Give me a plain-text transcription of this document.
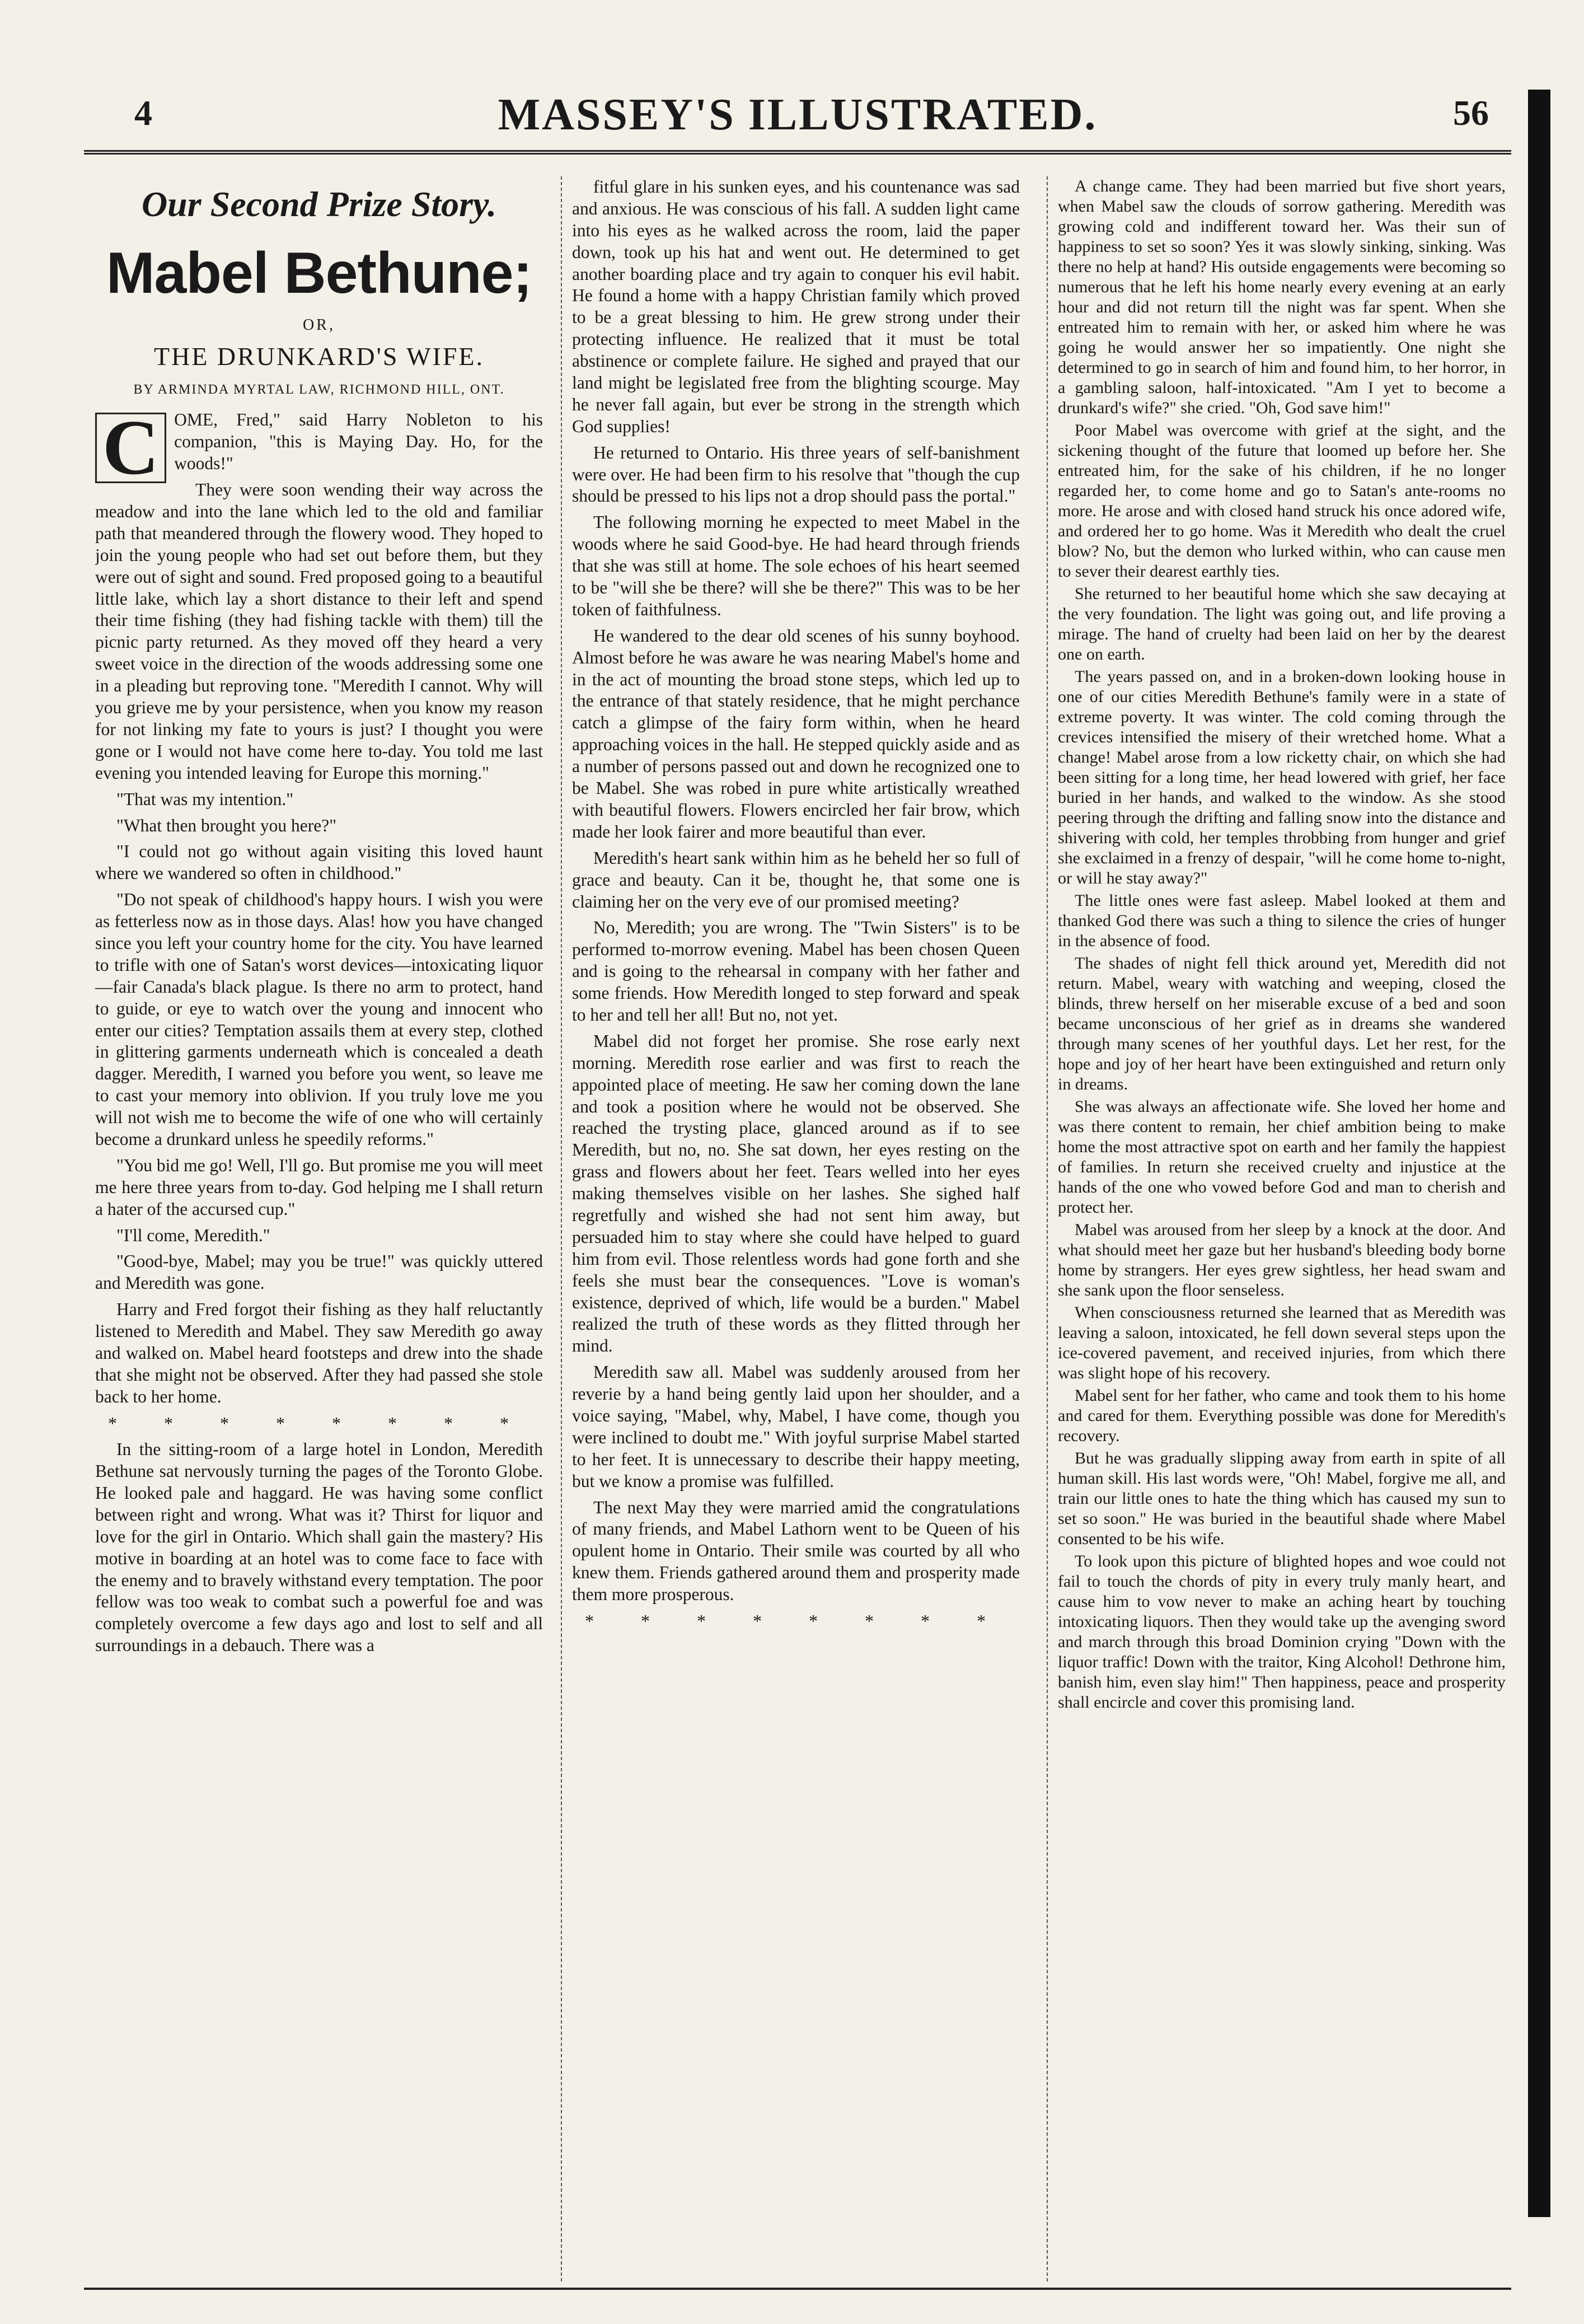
4	MASSEY'S ILLUSTRATED.	56
Our Second Prize Story.
Mabel Bethune;
OR,
THE DRUNKARD'S WIFE.
BY ARMINDA MYRTAL LAW, RICHMOND HILL, ONT.

C OME, Fred," said Harry Nobleton to his companion, "this is Maying Day. Ho, for the woods!"

They were soon wending their way across the meadow and into the lane which led to the old and familiar path that meandered through the flowery wood. They hoped to join the young people who had set out before them, but they were out of sight and sound. Fred proposed going to a beautiful little lake, which lay a short distance to their left and spend their time fishing (they had fishing tackle with them) till the picnic party returned. As they moved off they heard a very sweet voice in the direction of the woods addressing some one in a pleading but reproving tone. "Meredith I cannot. Why will you grieve me by your persistence, when you know my reason for not linking my fate to yours is just? I thought you were gone or I would not have come here to-day. You told me last evening you intended leaving for Europe this morning."

"That was my intention."

"What then brought you here?"

"I could not go without again visiting this loved haunt where we wandered so often in childhood."

"Do not speak of childhood's happy hours. I wish you were as fetterless now as in those days. Alas! how you have changed since you left your country home for the city. You have learned to trifle with one of Satan's worst devices—intoxicating liquor—fair Canada's black plague. Is there no arm to protect, hand to guide, or eye to watch over the young and innocent who enter our cities? Temptation assails them at every step, clothed in glittering garments underneath which is concealed a death dagger. Meredith, I warned you before you went, so leave me to cast your memory into oblivion. If you truly love me you will not wish me to become the wife of one who will certainly become a drunkard unless he speedily reforms."

"You bid me go! Well, I'll go. But promise me you will meet me here three years from to-day. God helping me I shall return a hater of the accursed cup."

"I'll come, Meredith."

"Good-bye, Mabel; may you be true!" was quickly uttered and Meredith was gone.

Harry and Fred forgot their fishing as they half reluctantly listened to Meredith and Mabel. They saw Meredith go away and walked on. Mabel heard footsteps and drew into the shade that she might not be observed. After they had passed she stole back to her home.

* * * * * * * *

In the sitting-room of a large hotel in London, Meredith Bethune sat nervously turning the pages of the Toronto Globe. He looked pale and haggard. He was having some conflict between right and wrong. What was it? Thirst for liquor and love for the girl in Ontario. Which shall gain the mastery? His motive in boarding at an hotel was to come face to face with the enemy and to bravely withstand every temptation. The poor fellow was too weak to combat such a powerful foe and was completely overcome a few days ago and lost to self and all surroundings in a debauch. There was a

fitful glare in his sunken eyes, and his countenance was sad and anxious. He was conscious of his fall. A sudden light came into his eyes as he walked across the room, laid the paper down, took up his hat and went out. He determined to get another boarding place and try again to conquer his evil habit. He found a home with a happy Christian family which proved to be a great blessing to him. He grew strong under their protecting influence. He realized that it must be total abstinence or complete failure. He sighed and prayed that our land might be legislated free from the blighting scourge. May he never fall again, but ever be strong in the strength which God supplies!

He returned to Ontario. His three years of self-banishment were over. He had been firm to his resolve that "though the cup should be pressed to his lips not a drop should pass the portal."

The following morning he expected to meet Mabel in the woods where he said Good-bye. He had heard through friends that she was still at home. The sole echoes of his heart seemed to be "will she be there? will she be there?" This was to be her token of faithfulness.

He wandered to the dear old scenes of his sunny boyhood. Almost before he was aware he was nearing Mabel's home and in the act of mounting the broad stone steps, which led up to the entrance of that stately residence, that he might perchance catch a glimpse of the fairy form within, when he heard approaching voices in the hall. He stepped quickly aside and as a number of persons passed out and down he recognized one to be Mabel. She was robed in pure white artistically wreathed with beautiful flowers. Flowers encircled her fair brow, which made her look fairer and more beautiful than ever.

Meredith's heart sank within him as he beheld her so full of grace and beauty. Can it be, thought he, that some one is claiming her on the very eve of our promised meeting?

No, Meredith; you are wrong. The "Twin Sisters" is to be performed to-morrow evening. Mabel has been chosen Queen and is going to the rehearsal in company with her father and some friends. How Meredith longed to step forward and speak to her and tell her all! But no, not yet.

Mabel did not forget her promise. She rose early next morning. Meredith rose earlier and was first to reach the appointed place of meeting. He saw her coming down the lane and took a position where he would not be observed. She reached the trysting place, glanced around as if to see Meredith, but no, no. She sat down, her eyes resting on the grass and flowers about her feet. Tears welled into her eyes making themselves visible on her lashes. She sighed half regretfully and wished she had not sent him away, but persuaded him to stay where she could have helped to guard him from evil. Those relentless words had gone forth and she feels she must bear the consequences. "Love is woman's existence, deprived of which, life would be a burden." Mabel realized the truth of these words as they flitted through her mind.

Meredith saw all. Mabel was suddenly aroused from her reverie by a hand being gently laid upon her shoulder, and a voice saying, "Mabel, why, Mabel, I have come, though you were inclined to doubt me." With joyful surprise Mabel started to her feet. It is unnecessary to describe their happy meeting, but we know a promise was fulfilled.

The next May they were married amid the congratulations of many friends, and Mabel Lathorn went to be Queen of his opulent home in Ontario. Their smile was courted by all who knew them. Friends gathered around them and prosperity made them more prosperous.

* * * * * * * *

A change came. They had been married but five short years, when Mabel saw the clouds of sorrow gathering. Meredith was growing cold and indifferent toward her. Was their sun of happiness to set so soon? Yes it was slowly sinking, sinking. Was there no help at hand? His outside engagements were becoming so numerous that he left his home nearly every evening at an early hour and did not return till the night was far spent. When she entreated him to remain with her, or asked him where he was going he would answer her so impatiently. One night she determined to go in search of him and found him, to her horror, in a gambling saloon, half-intoxicated. "Am I yet to become a drunkard's wife?" she cried. "Oh, God save him!"

Poor Mabel was overcome with grief at the sight, and the sickening thought of the future that loomed up before her. She entreated him, for the sake of his children, if he no longer regarded her, to come home and go to Satan's ante-rooms no more. He arose and with closed hand struck his once adored wife, and ordered her to go home. Was it Meredith who dealt the cruel blow? No, but the demon who lurked within, who can cause men to sever their dearest earthly ties.

She returned to her beautiful home which she saw decaying at the very foundation. The light was going out, and life proving a mirage. The hand of cruelty had been laid on her by the dearest one on earth.

The years passed on, and in a broken-down looking house in one of our cities Meredith Bethune's family were in a state of extreme poverty. It was winter. The cold coming through the crevices intensified the misery of their wretched home. What a change! Mabel arose from a low ricketty chair, on which she had been sitting for a long time, her head lowered with grief, her face buried in her hands, and walked to the window. As she stood peering through the drifting and falling snow into the distance and shivering with cold, her temples throbbing from hunger and grief she exclaimed in a frenzy of despair, "will he come home to-night, or will he stay away?"

The little ones were fast asleep. Mabel looked at them and thanked God there was such a thing to silence the cries of hunger in the absence of food.

The shades of night fell thick around yet, Meredith did not return. Mabel, weary with watching and weeping, closed the blinds, threw herself on her miserable excuse of a bed and soon became unconscious of her grief as in dreams she wandered through many scenes of her youthful days. Let her rest, for the hope and joy of her heart have been extinguished and return only in dreams.

She was always an affectionate wife. She loved her home and was there content to remain, her chief ambition being to make home the most attractive spot on earth and her family the happiest of families. In return she received cruelty and injustice at the hands of the one who vowed before God and man to cherish and protect her.

Mabel was aroused from her sleep by a knock at the door. And what should meet her gaze but her husband's bleeding body borne home by strangers. Her eyes grew sightless, her head swam and she sank upon the floor senseless.

When consciousness returned she learned that as Meredith was leaving a saloon, intoxicated, he fell down several steps upon the ice-covered pavement, and received injuries, from which there was slight hope of his recovery.

Mabel sent for her father, who came and took them to his home and cared for them. Everything possible was done for Meredith's recovery.

But he was gradually slipping away from earth in spite of all human skill. His last words were, "Oh! Mabel, forgive me all, and train our little ones to hate the thing which has caused my sun to set so soon." He was buried in the beautiful shade where Mabel consented to be his wife.

To look upon this picture of blighted hopes and woe could not fail to touch the chords of pity in every truly manly heart, and cause him to vow never to make an aching heart by touching intoxicating liquors. Then they would take up the avenging sword and march through this broad Dominion crying "Down with the liquor traffic! Down with the traitor, King Alcohol! Dethrone him, banish him, even slay him!" Then happiness, peace and prosperity shall encircle and cover this promising land.
